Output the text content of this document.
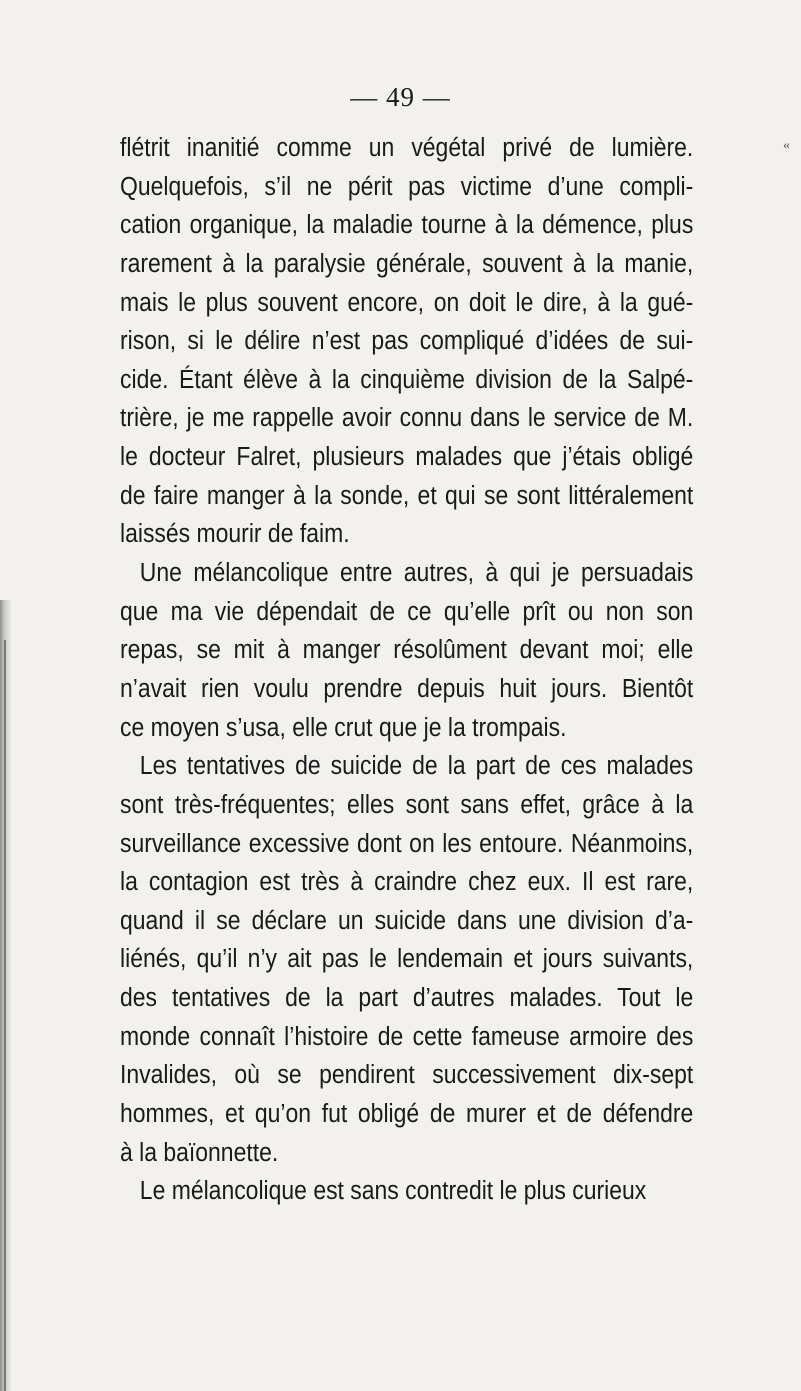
— 49 —
«
flétrit inanitié comme un végétal privé de lumière.
Quelquefois, s’il ne périt pas victime d’une compli-
cation organique, la maladie tourne à la démence, plus
rarement à la paralysie générale, souvent à la manie,
mais le plus souvent encore, on doit le dire, à la gué-
rison, si le délire n’est pas compliqué d’idées de sui-
cide. Étant élève à la cinquième division de la Salpé-
trière, je me rappelle avoir connu dans le service de M.
le docteur Falret, plusieurs malades que j’étais obligé
de faire manger à la sonde, et qui se sont littéralement
laissés mourir de faim.
Une mélancolique entre autres, à qui je persuadais
que ma vie dépendait de ce qu’elle prît ou non son
repas, se mit à manger résolûment devant moi; elle
n’avait rien voulu prendre depuis huit jours. Bientôt
ce moyen s’usa, elle crut que je la trompais.
Les tentatives de suicide de la part de ces malades
sont très-fréquentes; elles sont sans effet, grâce à la
surveillance excessive dont on les entoure. Néanmoins,
la contagion est très à craindre chez eux. Il est rare,
quand il se déclare un suicide dans une division d’a-
liénés, qu’il n’y ait pas le lendemain et jours suivants,
des tentatives de la part d’autres malades. Tout le
monde connaît l’histoire de cette fameuse armoire des
Invalides, où se pendirent successivement dix-sept
hommes, et qu’on fut obligé de murer et de défendre
à la baïonnette.
Le mélancolique est sans contredit le plus curieux
